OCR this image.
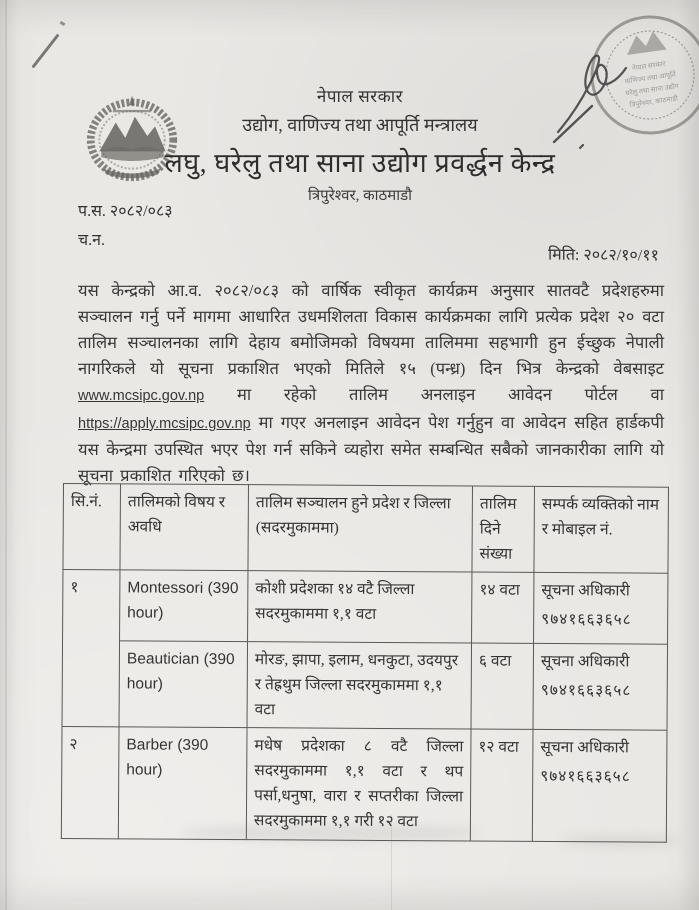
नेपाल सरकार
उद्योग, वाणिज्य तथा आपूर्ति मन्त्रालय
लघु, घरेलु तथा साना उद्योग प्रवर्द्धन केन्द्र
त्रिपुरेश्वर, काठमाडौ
नेपाल सरकार
वाणिज्य तथा आपूर्ति
घरेलु तथा साना उद्योग
त्रिपुरेश्वर, काठमाडौ
प.स. २०८२/०८३
च.न.
मिति: २०८२/१०/११
यस केन्द्रको आ.व. २०८२/०८३ को वार्षिक स्वीकृत कार्यक्रम अनुसार सातवटै प्रदेशहरुमा सञ्चालन गर्नु पर्ने मागमा आधारित उधमशिलता विकास कार्यक्रमका लागि प्रत्येक प्रदेश २० वटा तालिम सञ्चालनका लागि देहाय बमोजिमको विषयमा तालिममा सहभागी हुन ईच्छुक नेपाली नागरिकले यो सूचना प्रकाशित भएको मितिले १५ (पन्ध्र) दिन भित्र केन्द्रको वेबसाइट www.mcsipc.gov.np मा रहेको तालिम अनलाइन आवेदन पोर्टल वा https://apply.mcsipc.gov.np मा गएर अनलाइन आवेदन पेश गर्नुहुन वा आवेदन सहित हार्डकपी यस केन्द्रमा उपस्थित भएर पेश गर्न सकिने व्यहोरा समेत सम्बन्धित सबैको जानकारीका लागि यो सूचना प्रकाशित गरिएको छ।
सि.नं.	तालिमको विषय र अवधि	तालिम सञ्चालन हुने प्रदेश र जिल्ला (सदरमुकाममा)	तालिम दिने संख्या	सम्पर्क व्यक्तिको नाम र मोबाइल नं.
१	Montessori (390 hour)	कोशी प्रदेशका १४ वटै जिल्ला सदरमुकाममा १,१ वटा	१४ वटा	सूचना अधिकारी
९७४१६६३६५८

	Beautician (390 hour)	मोरङ, झापा, इलाम, धनकुटा, उदयपुर र तेह्रथुम जिल्ला सदरमुकाममा १,१ वटा	६ वटा	सूचना अधिकारी
९७४१६६३६५८

२	Barber (390 hour)	मधेष प्रदेशका ८ वटै जिल्ला सदरमुकाममा १,१ वटा र थप पर्सा,धनुषा, वारा र सप्तरीका जिल्ला सदरमुकाममा १,१ गरी १२ वटा	१२ वटा	सूचना अधिकारी
९७४१६६३६५८
